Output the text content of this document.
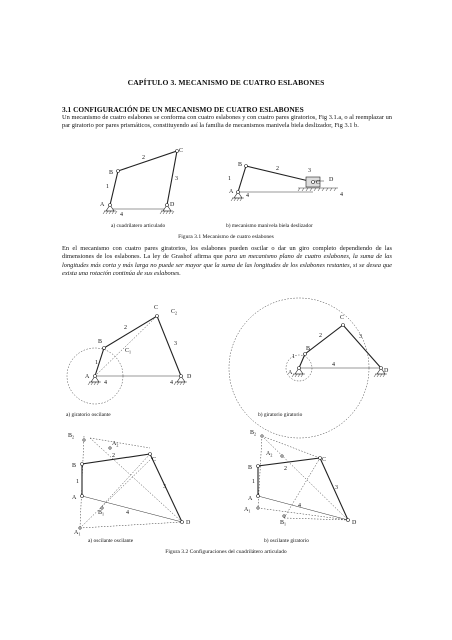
CAPÍTULO 3. MECANISMO DE CUATRO ESLABONES
3.1 CONFIGURACIÓN DE UN MECANISMO DE CUATRO ESLABONES

Un mecanismo de cuatro eslabones se conforma con cuatro eslabones y con cuatro pares giratorios, Fig 3.1.a, o al reemplazar un par giratorio por pares prismáticos, constituyendo así la familia de mecanismos manivela biela deslizador, Fig 3.1 b.

A
B
C
D
1
2
3
4
A
B
C D
1
2	3
4	4
a) cuadrilatero articulado	b) mecanismo manivela biela deslizador
Figura 3.1 Mecanismo de cuatro eslabones

En el mecanismo con cuatro pares giratorios, los eslabones pueden oscilar o dar un giro completo dependiendo de las dimensiones de los eslabones. La ley de Grashof afirma que para un mecanismo plano de cuatro eslabones, la suma de las longitudes más corta y más larga no puede ser mayor que la suma de las longitudes de los eslabones restantes, si se desea que exista una rotación continúa de sus eslabones.

A
B
C
$C_2$
$C_1$
D
1
2
3
4	4
A
B
C
D
1
2	3
4
a) giratorio oscilante	b) giratorio giratorio
$B_2$
$A_2$
B
C
A
$B_1$
D
$A_1$
1
2
3
4
$B_2$
$A_2$
B
C
A
$A_1$
$B_1$	D
1
2
3
4
a) oscilante oscilante	b) oscilante giratorio
Figura 3.2 Configuraciones del cuadrilátero articulado
